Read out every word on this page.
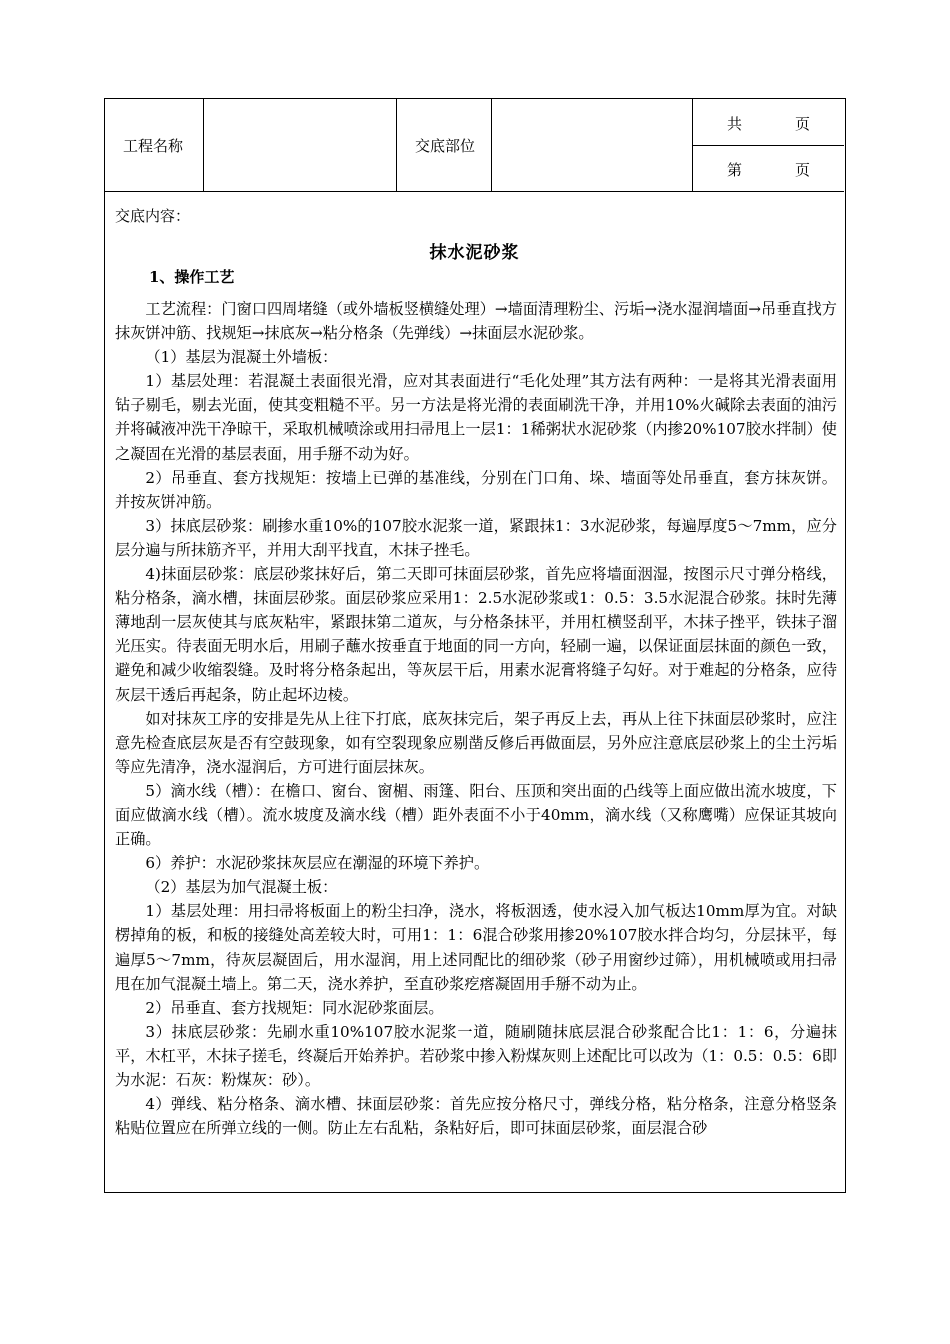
工程名称	交底部位
共	页
第	页
交底内容：
抹水泥砂浆
1、操作工艺

工艺流程：门窗口四周堵缝（或外墙板竖横缝处理）→墙面清理粉尘、污垢→浇水湿润墙面→吊垂直找方抹灰饼冲筋、找规矩→抹底灰→粘分格条（先弹线）→抹面层水泥砂浆。

（1）基层为混凝土外墙板：

1）基层处理：若混凝土表面很光滑，应对其表面进行“毛化处理”其方法有两种：一是将其光滑表面用钻子剔毛，剔去光面，使其变粗糙不平。另一方法是将光滑的表面刷洗干净，并用10%火碱除去表面的油污并将碱液冲洗干净晾干，采取机械喷涂或用扫帚甩上一层1：1稀粥状水泥砂浆（内掺20%107胶水拌制）使之凝固在光滑的基层表面，用手掰不动为好。

2）吊垂直、套方找规矩：按墙上已弹的基准线，分别在门口角、垛、墙面等处吊垂直，套方抹灰饼。并按灰饼冲筋。

3）抹底层砂浆：刷掺水重10%的107胶水泥浆一道，紧跟抹1：3水泥砂浆，每遍厚度5～7mm，应分层分遍与所抹筋齐平，并用大刮平找直，木抹子挫毛。

4)抹面层砂浆：底层砂浆抹好后，第二天即可抹面层砂浆，首先应将墙面洇湿，按图示尺寸弹分格线，粘分格条，滴水槽，抹面层砂浆。面层砂浆应采用1：2.5水泥砂浆或1：0.5：3.5水泥混合砂浆。抹时先薄薄地刮一层灰使其与底灰粘牢，紧跟抹第二道灰，与分格条抹平，并用杠横竖刮平，木抹子挫平，铁抹子溜光压实。待表面无明水后，用刷子蘸水按垂直于地面的同一方向，轻刷一遍，以保证面层抹面的颜色一致，避免和减少收缩裂缝。及时将分格条起出，等灰层干后，用素水泥膏将缝子勾好。对于难起的分格条，应待灰层干透后再起条，防止起坏边棱。

如对抹灰工序的安排是先从上往下打底，底灰抹完后，架子再反上去，再从上往下抹面层砂浆时，应注意先检查底层灰是否有空鼓现象，如有空裂现象应剔凿反修后再做面层，另外应注意底层砂浆上的尘土污垢等应先清净，浇水湿润后，方可进行面层抹灰。

5）滴水线（槽）：在檐口、窗台、窗楣、雨篷、阳台、压顶和突出面的凸线等上面应做出流水坡度，下面应做滴水线（槽）。流水坡度及滴水线（槽）距外表面不小于40mm，滴水线（又称鹰嘴）应保证其坡向正确。

6）养护：水泥砂浆抹灰层应在潮湿的环境下养护。

（2）基层为加气混凝土板：

1）基层处理：用扫帚将板面上的粉尘扫净，浇水，将板洇透，使水浸入加气板达10mm厚为宜。对缺楞掉角的板，和板的接缝处高差较大时，可用1：1：6混合砂浆用掺20%107胶水拌合均匀，分层抹平，每遍厚5～7mm，待灰层凝固后，用水湿润，用上述同配比的细砂浆（砂子用窗纱过筛），用机械喷或用扫帚甩在加气混凝土墙上。第二天，浇水养护，至直砂浆疙瘩凝固用手掰不动为止。

2）吊垂直、套方找规矩：同水泥砂浆面层。

3）抹底层砂浆：先刷水重10%107胶水泥浆一道，随刷随抹底层混合砂浆配合比1：1：6，分遍抹平，木杠平，木抹子搓毛，终凝后开始养护。若砂浆中掺入粉煤灰则上述配比可以改为（1：0.5：0.5：6即为水泥：石灰：粉煤灰：砂）。

4）弹线、粘分格条、滴水槽、抹面层砂浆：首先应按分格尺寸，弹线分格，粘分格条，注意分格竖条粘贴位置应在所弹立线的一侧。防止左右乱粘，条粘好后，即可抹面层砂浆，面层混合砂
